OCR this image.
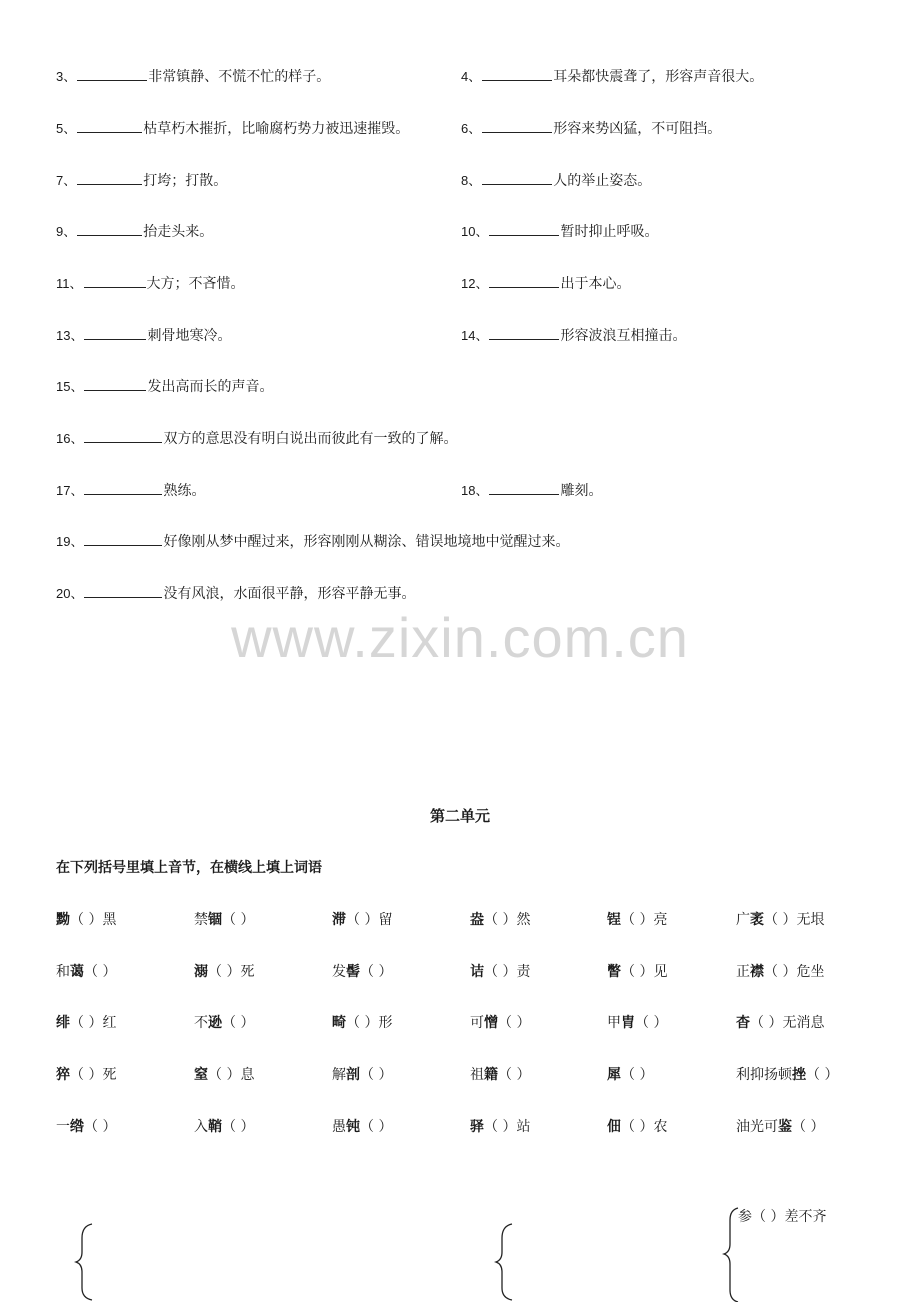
3、	非常镇静、不慌不忙的样子。	4、	耳朵都快震聋了，形容声音很大。
5、	枯草朽木摧折，比喻腐朽势力被迅速摧毁。	6、	形容来势凶猛，不可阻挡。
7、	打垮；打散。	8、	人的举止姿态。
9、	抬走头来。	10、	暂时抑止呼吸。
11、	大方；不吝惜。	12、	出于本心。
13、	刺骨地寒冷。	14、	形容波浪互相撞击。
15、	发出高而长的声音。
16、	双方的意思没有明白说出而彼此有一致的了解。
17、	熟练。	18、	雕刻。
19、	好像刚从梦中醒过来，形容刚刚从糊涂、错误地境地中觉醒过来。
20、	没有风浪，水面很平静，形容平静无事。
www.zixin.com.cn
第二单元
在下列括号里填上音节，在横线上填上词语
黝（ ）黑	禁锢（ ）	滞（ ）留	盎（ ）然	锃（ ）亮	广袤（ ）无垠
和蔼（ ）	溺（ ）死	发髻（ ）	诘（ ）责	瞥（ ）见	正襟（ ）危坐
绯（ ）红	不逊（ ）	畸（ ）形	可憎（ ）	甲胄（ ）	杳（ ）无消息
猝（ ）死	窒（ ）息	解剖（ ）	祖籍（ ）	犀（ ）	利抑扬顿挫（ ）
一绺（ ）	入鞘（ ）	愚钝（ ）	驿（ ）站	佃（ ）农	油光可鉴（ ）
参（ ）差不齐
